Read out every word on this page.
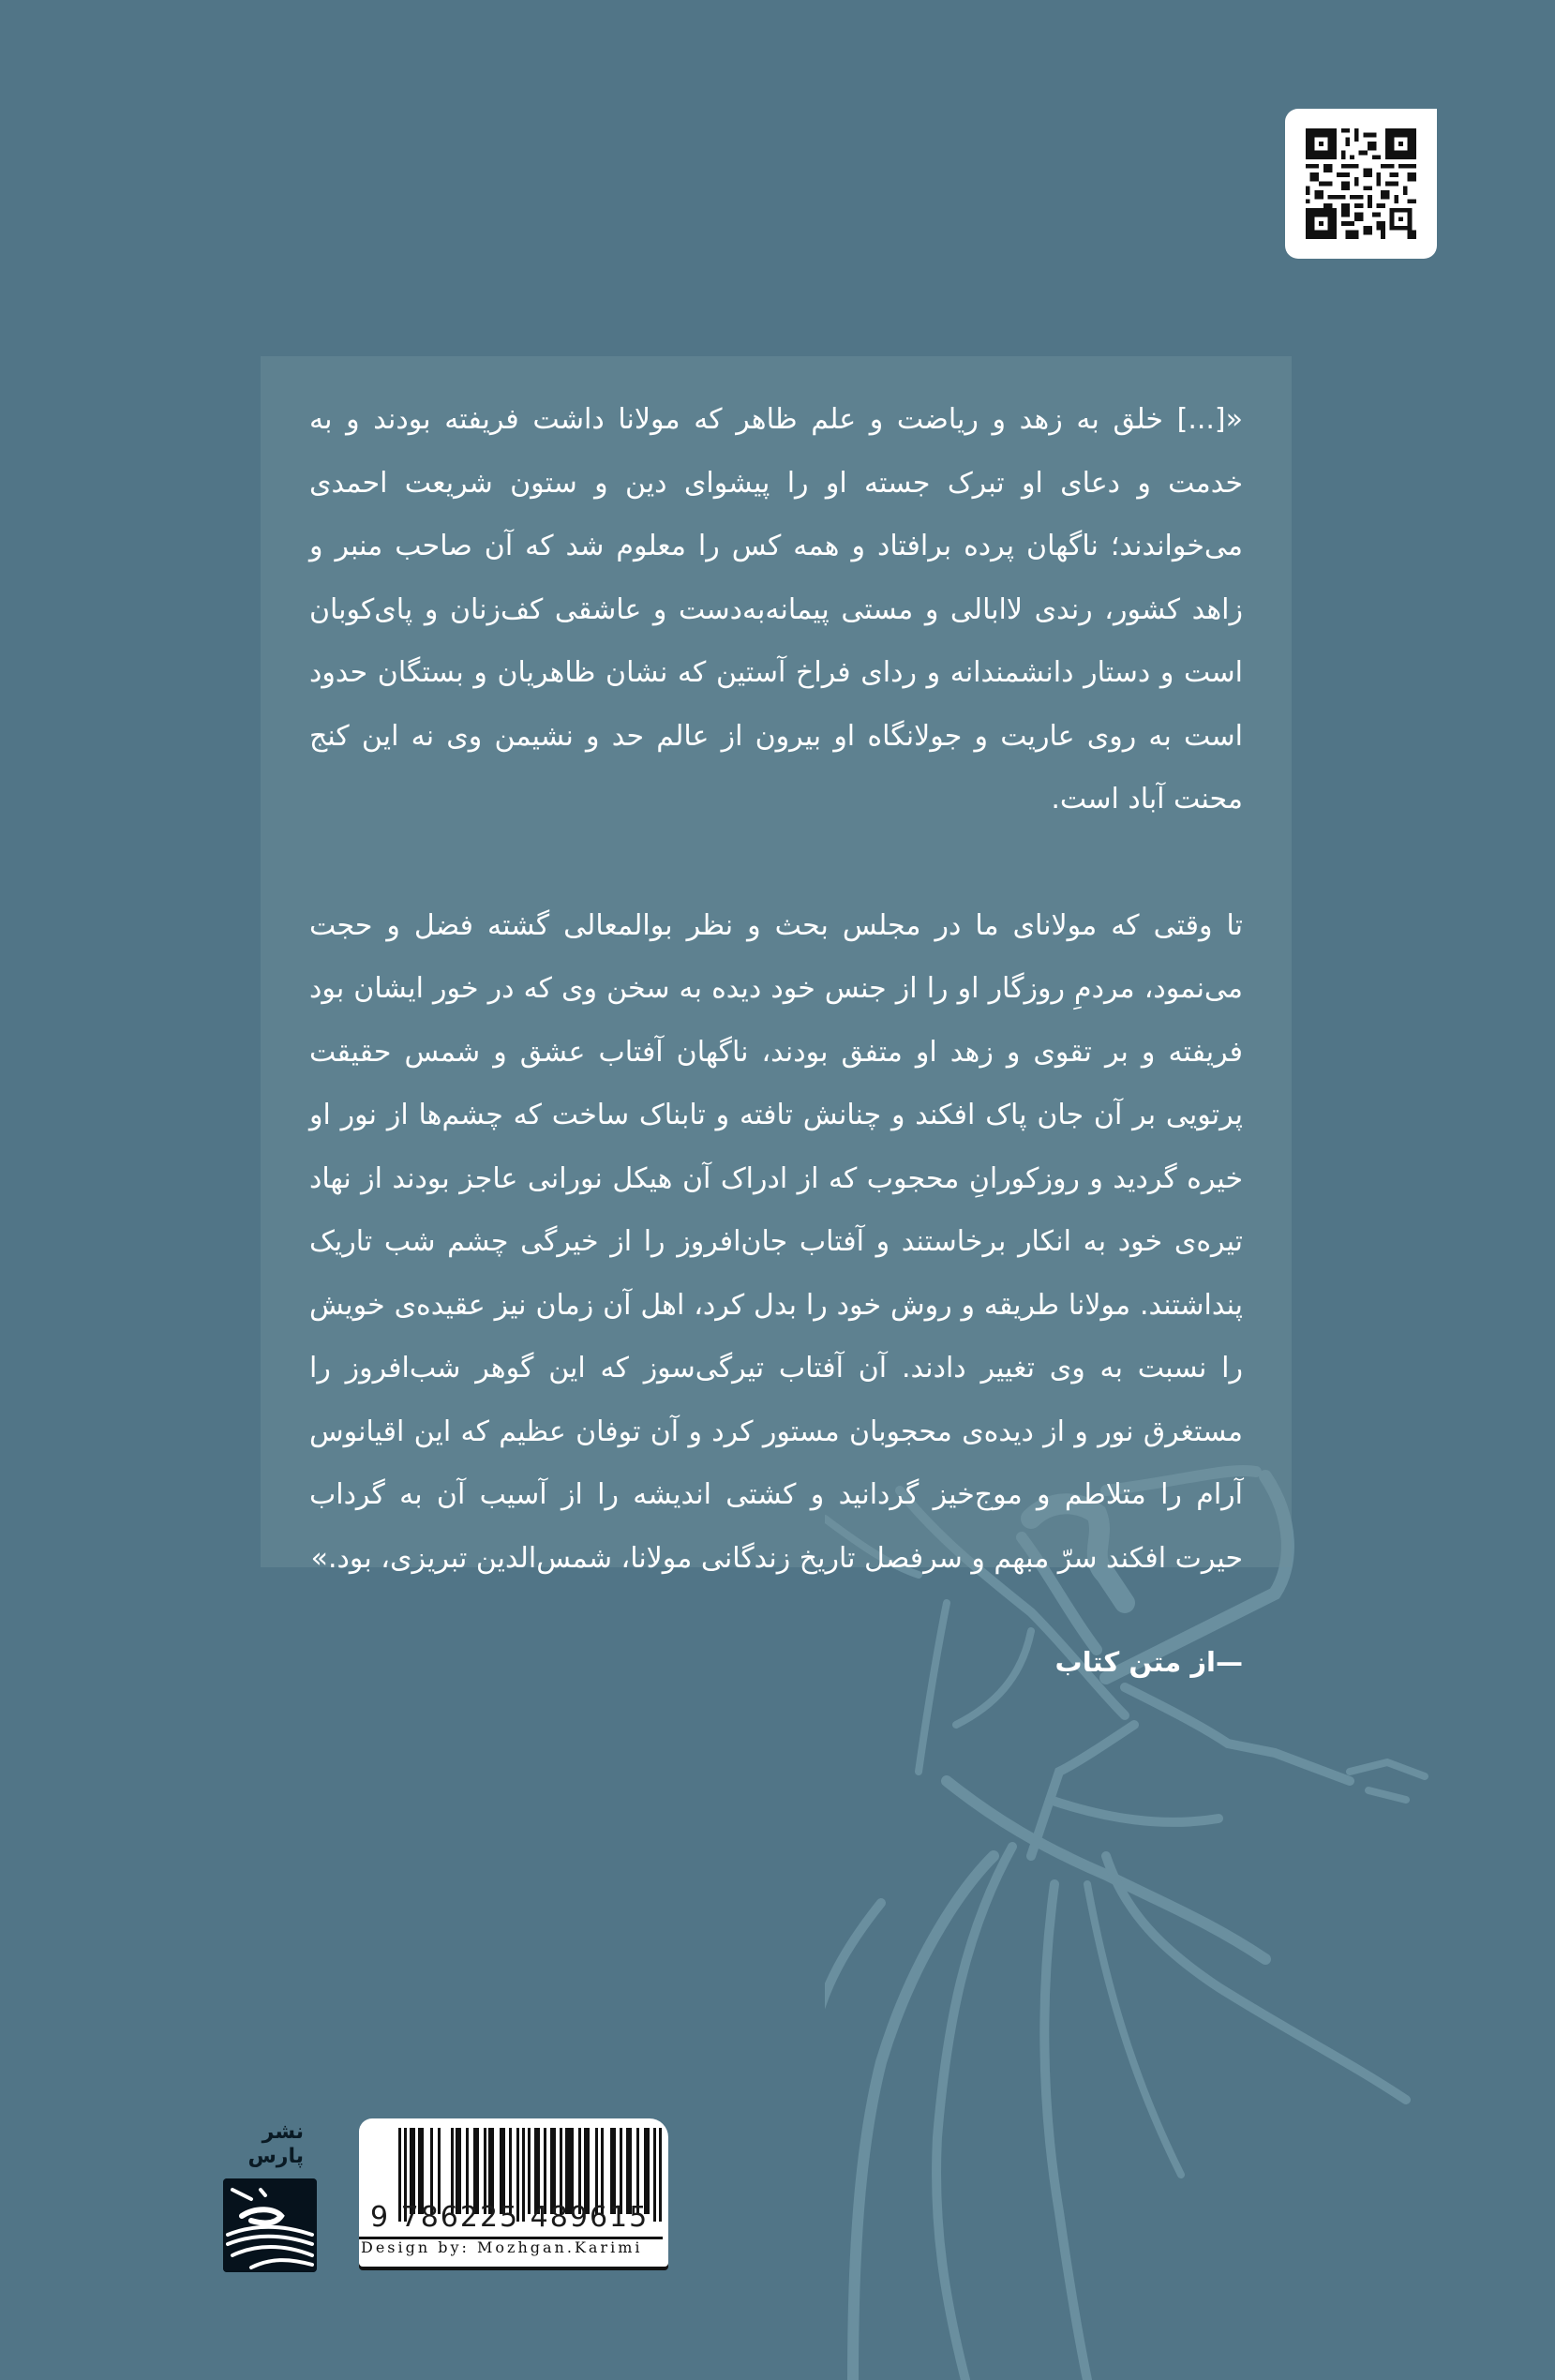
«[...] خلق به زهد و ریاضت و علم ظاهر که مولانا داشت فریفته بودند و به خدمت و دعای او تبرک جسته او را پیشوای دین و ستون شریعت احمدی می‌خواندند؛ ناگهان پرده برافتاد و همه کس را معلوم شد که آن صاحب منبر و زاهد کشور، رندی لاابالی و مستی پیمانه‌به‌دست و عاشقی کف‌زنان و پای‌کوبان است و دستار دانشمندانه و ردای فراخ آستین که نشان ظاهریان و بستگان حدود است به روی عاریت و جولانگاه او بیرون از عالم حد و نشیمن وی نه این کنج محنت آباد است.

تا وقتی که مولانای ما در مجلس بحث و نظر بوالمعالی گشته فضل و حجت می‌نمود، مردمِ روزگار او را از جنس خود دیده به سخن وی که در خور ایشان بود فریفته و بر تقوی و زهد او متفق بودند، ناگهان آفتاب عشق و شمس حقیقت پرتویی بر آن جان پاک افکند و چنانش تافته و تابناک ساخت که چشم‌ها از نور او خیره گردید و روزکورانِ محجوب که از ادراک آن هیکل نورانی عاجز بودند از نهاد تیره‌ی خود به انکار برخاستند و آفتاب جان‌افروز را از خیرگی چشم شب تاریک پنداشتند. مولانا طریقه و روش خود را بدل کرد، اهل آن زمان نیز عقیده‌ی خویش را نسبت به وی تغییر دادند. آن آفتاب تیرگی‌سوز که این گوهر شب‌افروز را مستغرق نور و از دیده‌ی محجوبان مستور کرد و آن توفان عظیم که این اقیانوس آرام را متلاطم و موج‌خیز گردانید و کشتی اندیشه را از آسیب آن به گرداب حیرت افکند سرّ مبهم و سرفصل تاریخ زندگانی مولانا، شمس‌الدین تبریزی، بود.»

—از متن کتاب
نشر پارس
9 786225 489615
Design by: Mozhgan.Karimi
